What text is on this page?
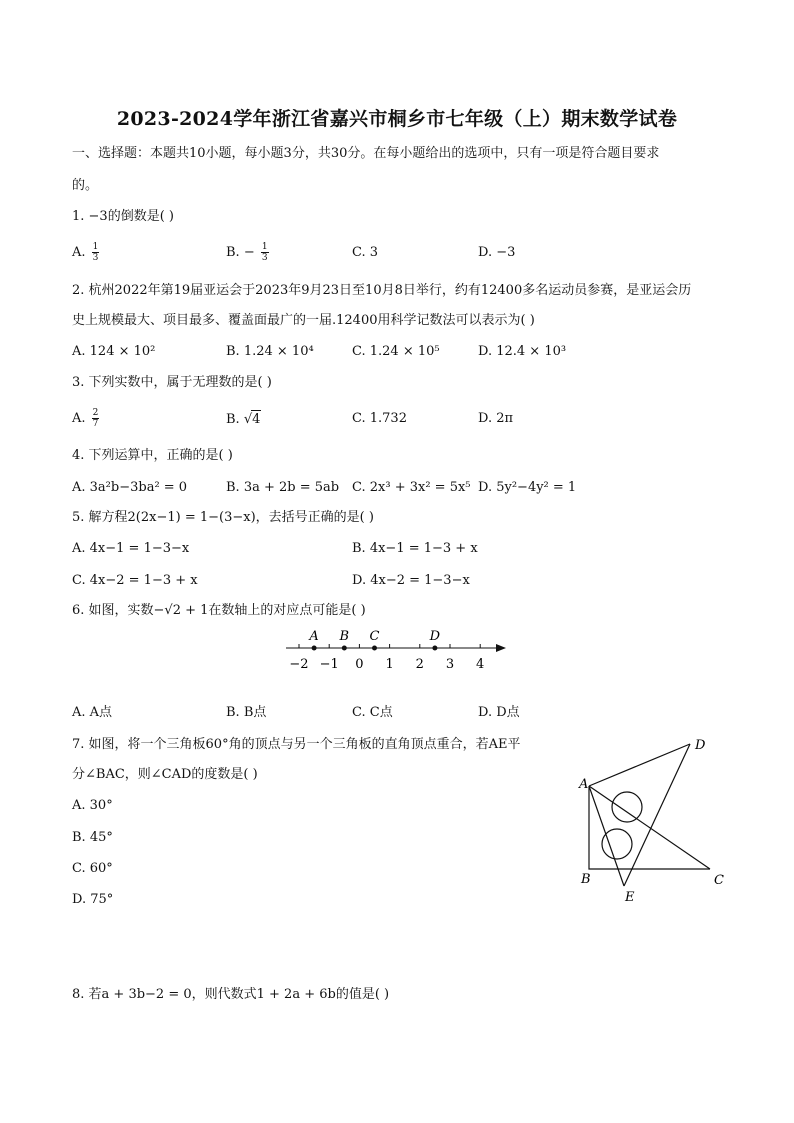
2023-2024学年浙江省嘉兴市桐乡市七年级（上）期末数学试卷
一、选择题：本题共10小题，每小题3分，共30分。在每小题给出的选项中，只有一项是符合题目要求
的。
1. −3的倒数是( )
A. $\frac{1}{3}$	B. − $\frac{1}{3}$	C. 3	D. −3
2. 杭州2022年第19届亚运会于2023年9月23日至10月8日举行，约有12400多名运动员参赛，是亚运会历
史上规模最大、项目最多、覆盖面最广的一届.12400用科学记数法可以表示为( )
A. 124 × 10²	B. 1.24 × 10⁴	C. 1.24 × 10⁵	D. 12.4 × 10³
3. 下列实数中，属于无理数的是( )
A. $\frac{2}{7}$	B. √4	C. 1.732	D. 2π
4. 下列运算中，正确的是( )
A. 3a²b−3ba² = 0	B. 3a + 2b = 5ab C. 2x³ + 3x² = 5x⁵ D. 5y²−4y² = 1
5. 解方程2(2x−1) = 1−(3−x)，去括号正确的是( )
A. 4x−1 = 1−3−x	B. 4x−1 = 1−3 + x
C. 4x−2 = 1−3 + x	D. 4x−2 = 1−3−x
6. 如图，实数−√2 + 1在数轴上的对应点可能是( )
−2 −1 0 1 2 3 4
A B C	D
A. A点	B. B点	C. C点	D. D点
7. 如图，将一个三角板60°角的顶点与另一个三角板的直角顶点重合，若AE平
分∠BAC，则∠CAD的度数是( )
A. 30°
B. 45°
C. 60°
D. 75°
A
B	C
D
E
8. 若a + 3b−2 = 0，则代数式1 + 2a + 6b的值是( )
